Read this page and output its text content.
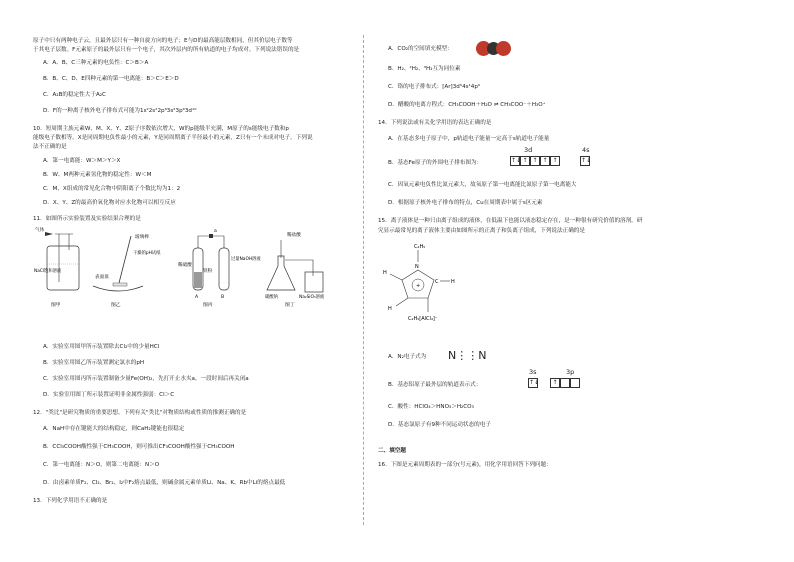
原子中只有两种电子云，且最外层只有一种自旋方向的电子；E与D的最高能层数相同，但其价层电子数等
于其电子层数。F元素原子的最外层只有一个电子，其次外层内的所有轨道的电子均成对。下列说法错误的是
A．A、B、C三种元素的电负性：C＞B＞A
B．B、C、D、E四种元素的第一电离能：B＞C＞E＞D
C．A₂B的稳定性大于A₂C
D．F的一种离子核外电子排布式可能为1s²2s²2p⁶3s²3p⁶3d¹⁰
10．短周期主族元素W、M、X、Y、Z原子序数依次增大，W的p能级半充满，M原子的s能级电子数和p
能级电子数相等，X是同周期电负性最小的元素，Y是同周期离子半径最小的元素，Z只有一个未成对电子。下列说
法不正确的是
A．第一电离能：W＞M＞Y＞X
B．W、M两种元素氢化物的稳定性：W＜M
C．M、X组成的常见化合物中阴阳离子个数比均为1：2
D．X、Y、Z的最高价氧化物对应水化物可以相互反应
11．如图所示实验装置及实验结果合理的是
气体
NaCl饱和溶液
图甲
表面皿
玻璃棒
干燥的pH试纸
图乙
稀硫酸
铁粉
过量NaOH溶液
A	B
a
图丙
稀盐酸
碳酸钠	Na₂SiO₃溶液
图丁
A．实验室用图甲所示装置除去Cl₂中的少量HCl
B．实验室用图乙所示装置测定氯水的pH
C．实验室用图丙所示装置制备少量Fe(OH)₂，先打开止水夹a，一段时间后再关闭a
D．实验室用图丁所示装置证明非金属性强弱：Cl＞C
12．"类比"是研究物质的重要思想。下列有关"类比"对物质结构或性质的推测正确的是
A．NaH中存在键能大的结构稳定，则CaH₂键能也很稳定
B．CCl₃COOH酸性强于CH₃COOH，则可推出CF₃COOH酸性强于CH₃COOH
C．第一电离能：N＞O，则第二电离能：N＞O
D．由卤素单质F₂、Cl₂、Br₂、I₂中F₂熔点最低，则碱金属元素单质Li、Na、K、Rb中Li的熔点最低
13．下列化学用语不正确的是
A．CO₂的空间填充模型：
B．H₂、²H₂、³H₂互为同位素
C．铬的电子排布式：[Ar]3d⁵4s¹4p⁰
D．醋酸的电离方程式：CH₃COOH＋H₂O ⇌ CH₃COO⁻＋H₃O⁺
14．下列说法或有关化学用语的表达正确的是
A．在基态多电子原子中，p轨道电子能量一定高于s轨道电子能量
B．基态Fe原子的外围电子排布图为：
3d
↑↓ ↑ ↑ ↑ ↑
4s
↑↓
C．因氧元素电负性比氮元素大，故氧原子第一电离能比氮原子第一电离能大
D．根据原子核外电子排布的特点，Cu在周期表中属于s区元素
15．离子液体是一种只由离子组成的液体，在低温下也能以液态稳定存在，是一种很有研究价值的溶剂。研
究显示最常见的离子液体主要由如图所示的正离子和负离子组成，下列说法正确的是
C₂H₅
N
+
C	H
H
H
C₂H₅[AlCl₄]⁻
A．N₂电子式为 N⋮⋮N
B．基态铝原子最外层的轨道表示式：
3s
↑↓
3p
↑
C．酸性：HClO₄＞HNO₃＞H₂CO₃
D．基态氯原子有9种不同运动状态的电子
二、填空题
16．下图是元素周期表的一部分(号元素)，用化学用语回答下列问题：
